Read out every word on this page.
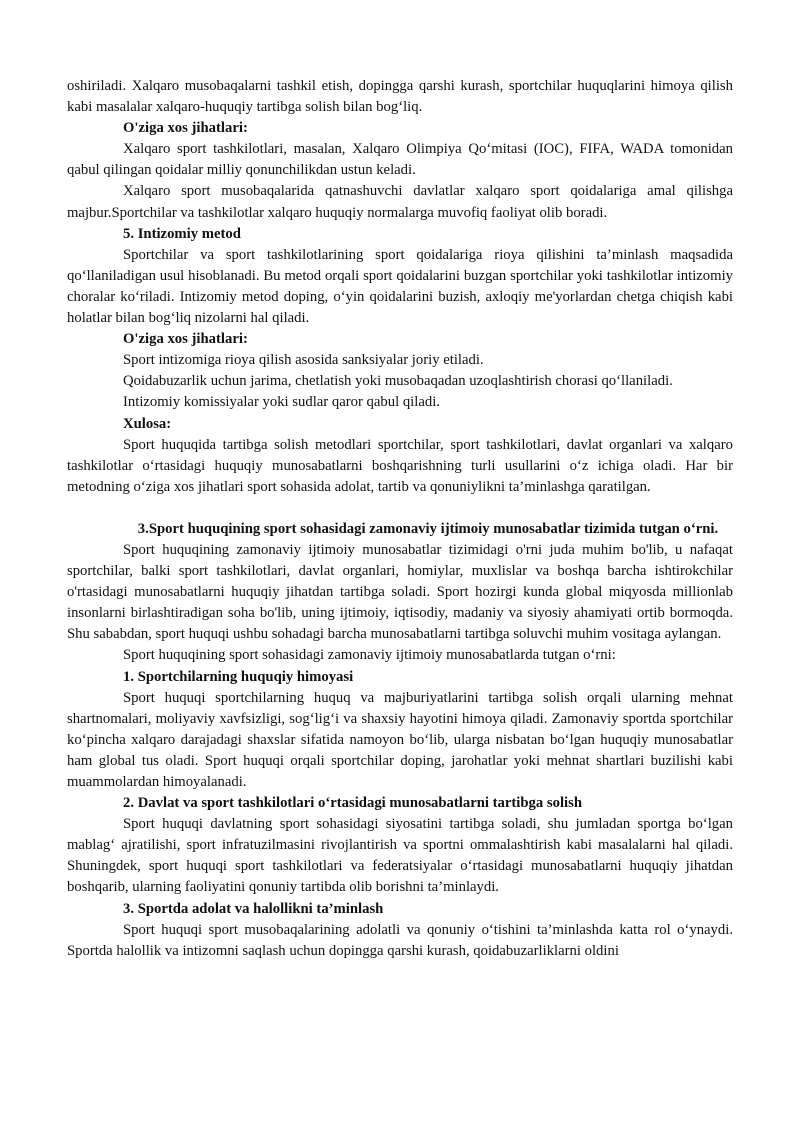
oshiriladi. Xalqaro musobaqalarni tashkil etish, dopingga qarshi kurash, sportchilar huquqlarini himoya qilish kabi masalalar xalqaro-huquqiy tartibga solish bilan bog‘liq.

O'ziga xos jihatlari:

Xalqaro sport tashkilotlari, masalan, Xalqaro Olimpiya Qo‘mitasi (IOC), FIFA, WADA tomonidan qabul qilingan qoidalar milliy qonunchilikdan ustun keladi.

Xalqaro sport musobaqalarida qatnashuvchi davlatlar xalqaro sport qoidalariga amal qilishga majbur.Sportchilar va tashkilotlar xalqaro huquqiy normalarga muvofiq faoliyat olib boradi.

5. Intizomiy metod

Sportchilar va sport tashkilotlarining sport qoidalariga rioya qilishini ta’minlash maqsadida qo‘llaniladigan usul hisoblanadi. Bu metod orqali sport qoidalarini buzgan sportchilar yoki tashkilotlar intizomiy choralar ko‘riladi. Intizomiy metod doping, o‘yin qoidalarini buzish, axloqiy me'yorlardan chetga chiqish kabi holatlar bilan bog‘liq nizolarni hal qiladi.

O'ziga xos jihatlari:

Sport intizomiga rioya qilish asosida sanksiyalar joriy etiladi.

Qoidabuzarlik uchun jarima, chetlatish yoki musobaqadan uzoqlashtirish chorasi qo‘llaniladi.

Intizomiy komissiyalar yoki sudlar qaror qabul qiladi.

Xulosa:

Sport huquqida tartibga solish metodlari sportchilar, sport tashkilotlari, davlat organlari va xalqaro tashkilotlar o‘rtasidagi huquqiy munosabatlarni boshqarishning turli usullarini o‘z ichiga oladi. Har bir metodning o‘ziga xos jihatlari sport sohasida adolat, tartib va qonuniylikni ta’minlashga qaratilgan.

3.Sport huquqining sport sohasidagi zamonaviy ijtimoiy munosabatlar tizimida tutgan o‘rni.

Sport huquqining zamonaviy ijtimoiy munosabatlar tizimidagi o'rni juda muhim bo'lib, u nafaqat sportchilar, balki sport tashkilotlari, davlat organlari, homiylar, muxlislar va boshqa barcha ishtirokchilar o'rtasidagi munosabatlarni huquqiy jihatdan tartibga soladi. Sport hozirgi kunda global miqyosda millionlab insonlarni birlashtiradigan soha bo'lib, uning ijtimoiy, iqtisodiy, madaniy va siyosiy ahamiyati ortib bormoqda. Shu sababdan, sport huquqi ushbu sohadagi barcha munosabatlarni tartibga soluvchi muhim vositaga aylangan.

Sport huquqining sport sohasidagi zamonaviy ijtimoiy munosabatlarda tutgan o‘rni:

1. Sportchilarning huquqiy himoyasi

Sport huquqi sportchilarning huquq va majburiyatlarini tartibga solish orqali ularning mehnat shartnomalari, moliyaviy xavfsizligi, sog‘lig‘i va shaxsiy hayotini himoya qiladi. Zamonaviy sportda sportchilar ko‘pincha xalqaro darajadagi shaxslar sifatida namoyon bo‘lib, ularga nisbatan bo‘lgan huquqiy munosabatlar ham global tus oladi. Sport huquqi orqali sportchilar doping, jarohatlar yoki mehnat shartlari buzilishi kabi muammolardan himoyalanadi.

2. Davlat va sport tashkilotlari o‘rtasidagi munosabatlarni tartibga solish

Sport huquqi davlatning sport sohasidagi siyosatini tartibga soladi, shu jumladan sportga bo‘lgan mablag‘ ajratilishi, sport infratuzilmasini rivojlantirish va sportni ommalashtirish kabi masalalarni hal qiladi. Shuningdek, sport huquqi sport tashkilotlari va federatsiyalar o‘rtasidagi munosabatlarni huquqiy jihatdan boshqarib, ularning faoliyatini qonuniy tartibda olib borishni ta’minlaydi.

3. Sportda adolat va halollikni ta’minlash

Sport huquqi sport musobaqalarining adolatli va qonuniy o‘tishini ta’minlashda katta rol o‘ynaydi. Sportda halollik va intizomni saqlash uchun dopingga qarshi kurash, qoidabuzarliklarni oldini
